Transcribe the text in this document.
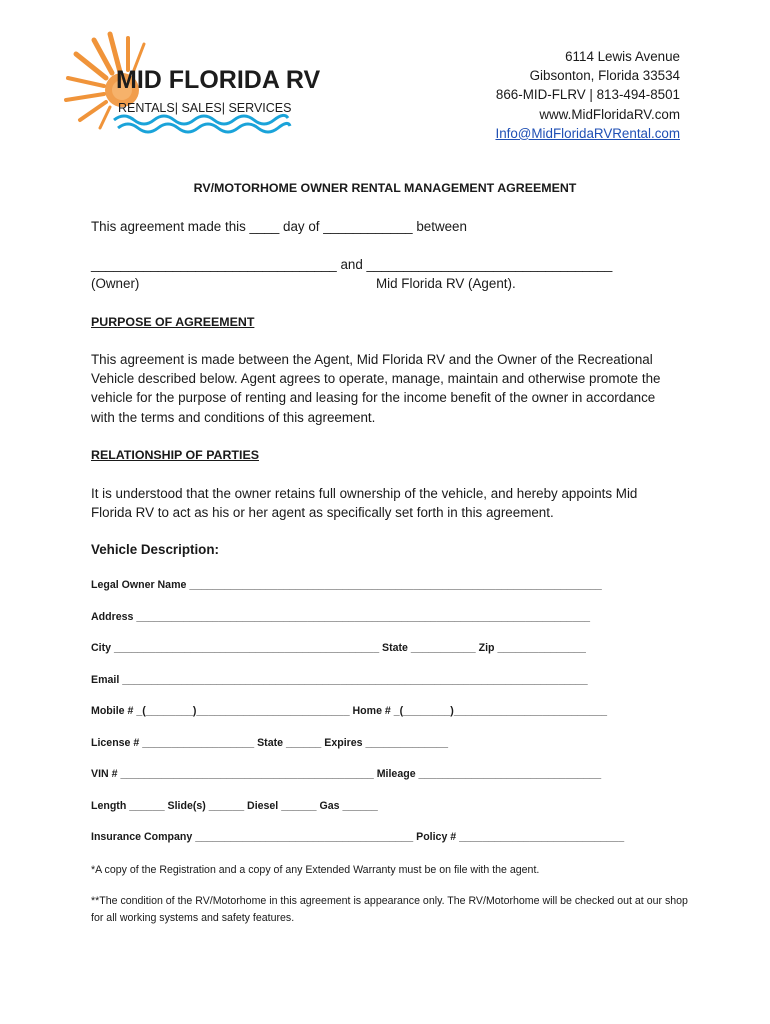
MID FLORIDA RV
RENTALS| SALES| SERVICES
6114 Lewis Avenue
Gibsonton, Florida 33534
866-MID-FLRV | 813-494-8501
www.MidFloridaRV.com
Info@MidFloridaRVRental.com
RV/MOTORHOME OWNER RENTAL MANAGEMENT AGREEMENT
This agreement made this ____ day of ____________ between
_________________________________ and _________________________________
(Owner)	Mid Florida RV (Agent).
PURPOSE OF AGREEMENT
This agreement is made between the Agent, Mid Florida RV and the Owner of the Recreational Vehicle described below. Agent agrees to operate, manage, maintain and otherwise promote the vehicle for the purpose of renting and leasing for the income benefit of the owner in accordance with the terms and conditions of this agreement.
RELATIONSHIP OF PARTIES
It is understood that the owner retains full ownership of the vehicle, and hereby appoints Mid Florida RV to act as his or her agent as specifically set forth in this agreement.
Vehicle Description:
Legal Owner Name ______________________________________________________________________
Address _____________________________________________________________________________
City _____________________________________________ State ___________ Zip _______________
Email _______________________________________________________________________________
Mobile # _(________)__________________________ Home # _(________)__________________________
License # ___________________ State ______ Expires ______________
VIN # ___________________________________________ Mileage _______________________________
Length ______ Slide(s) ______ Diesel ______ Gas ______
Insurance Company _____________________________________ Policy # ____________________________
*A copy of the Registration and a copy of any Extended Warranty must be on file with the agent.
**The condition of the RV/Motorhome in this agreement is appearance only. The RV/Motorhome will be checked out at our shop for all working systems and safety features.
